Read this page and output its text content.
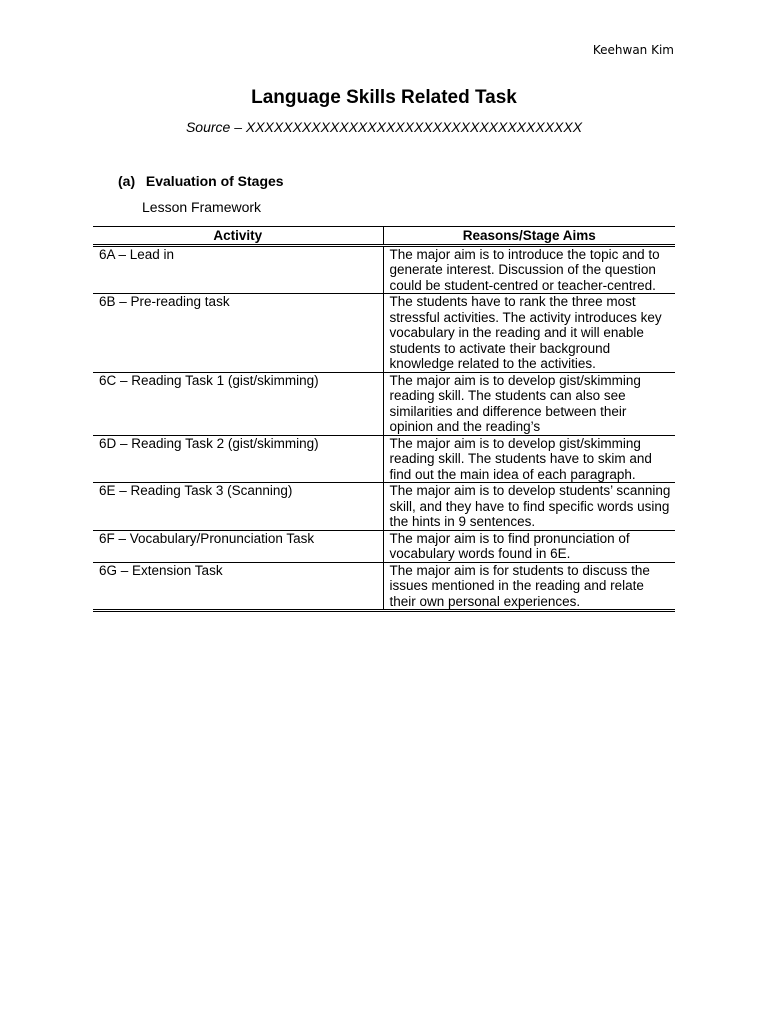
Keehwan Kim
Language Skills Related Task
Source – XXXXXXXXXXXXXXXXXXXXXXXXXXXXXXXXXXXX
(a) Evaluation of Stages
Lesson Framework
Activity	Reasons/Stage Aims
6A – Lead in	The major aim is to introduce the topic and to generate interest. Discussion of the question could be student-centred or teacher-centred.
6B – Pre-reading task	The students have to rank the three most stressful activities. The activity introduces key vocabulary in the reading and it will enable students to activate their background knowledge related to the activities.
6C – Reading Task 1 (gist/skimming)	The major aim is to develop gist/skimming reading skill. The students can also see similarities and difference between their opinion and the reading’s
6D – Reading Task 2 (gist/skimming)	The major aim is to develop gist/skimming reading skill. The students have to skim and find out the main idea of each paragraph.
6E – Reading Task 3 (Scanning)	The major aim is to develop students’ scanning skill, and they have to find specific words using the hints in 9 sentences.
6F – Vocabulary/Pronunciation Task	The major aim is to find pronunciation of vocabulary words found in 6E.
6G – Extension Task	The major aim is for students to discuss the issues mentioned in the reading and relate their own personal experiences.
